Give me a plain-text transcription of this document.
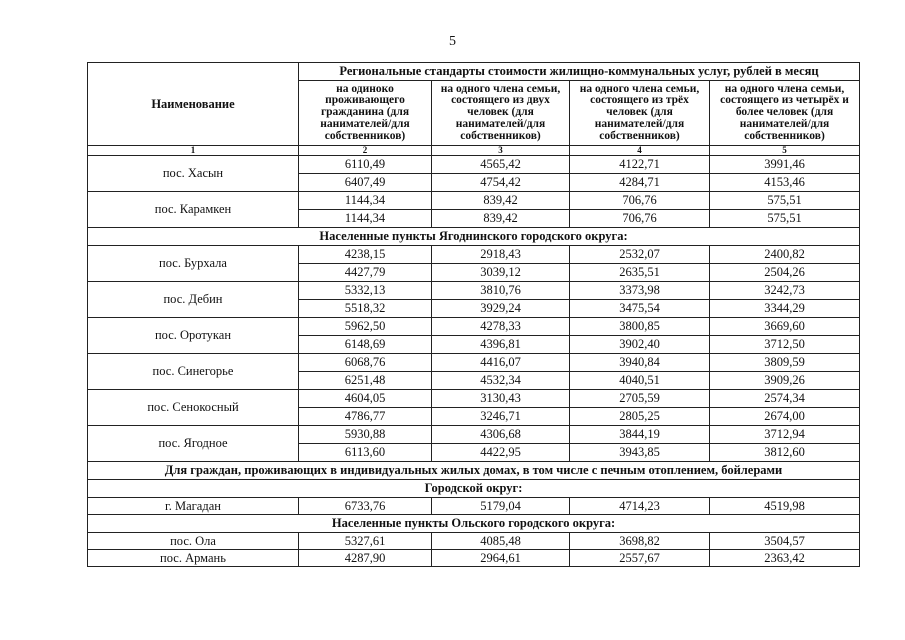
5
Наименование	Региональные стандарты стоимости жилищно-коммунальных услуг, рублей в месяц			
	на одиноко проживающего гражданина (для нанимателей/для собственников)	на одного члена семьи, состоящего из двух человек (для нанимателей/для собственников)	на одного члена семьи, состоящего из трёх человек (для нанимателей/для собственников)	на одного члена семьи, состоящего из четырёх и более человек (для нанимателей/для собственников)
1	2	3	4	5
пос. Хасын	6110,49	4565,42	4122,71	3991,46
	6407,49	4754,42	4284,71	4153,46
пос. Карамкен	1144,34	839,42	706,76	575,51
	1144,34	839,42	706,76	575,51
Населенные пункты Ягоднинского городского округа:				
пос. Бурхала	4238,15	2918,43	2532,07	2400,82
	4427,79	3039,12	2635,51	2504,26
пос. Дебин	5332,13	3810,76	3373,98	3242,73
	5518,32	3929,24	3475,54	3344,29
пос. Оротукан	5962,50	4278,33	3800,85	3669,60
	6148,69	4396,81	3902,40	3712,50
пос. Синегорье	6068,76	4416,07	3940,84	3809,59
	6251,48	4532,34	4040,51	3909,26
пос. Сенокосный	4604,05	3130,43	2705,59	2574,34
	4786,77	3246,71	2805,25	2674,00
пос. Ягодное	5930,88	4306,68	3844,19	3712,94
	6113,60	4422,95	3943,85	3812,60
Для граждан, проживающих в индивидуальных жилых домах, в том числе с печным отоплением, бойлерами				
Городской округ:				
г. Магадан	6733,76	5179,04	4714,23	4519,98
Населенные пункты Ольского городского округа:				
пос. Ола	5327,61	4085,48	3698,82	3504,57
пос. Армань	4287,90	2964,61	2557,67	2363,42
